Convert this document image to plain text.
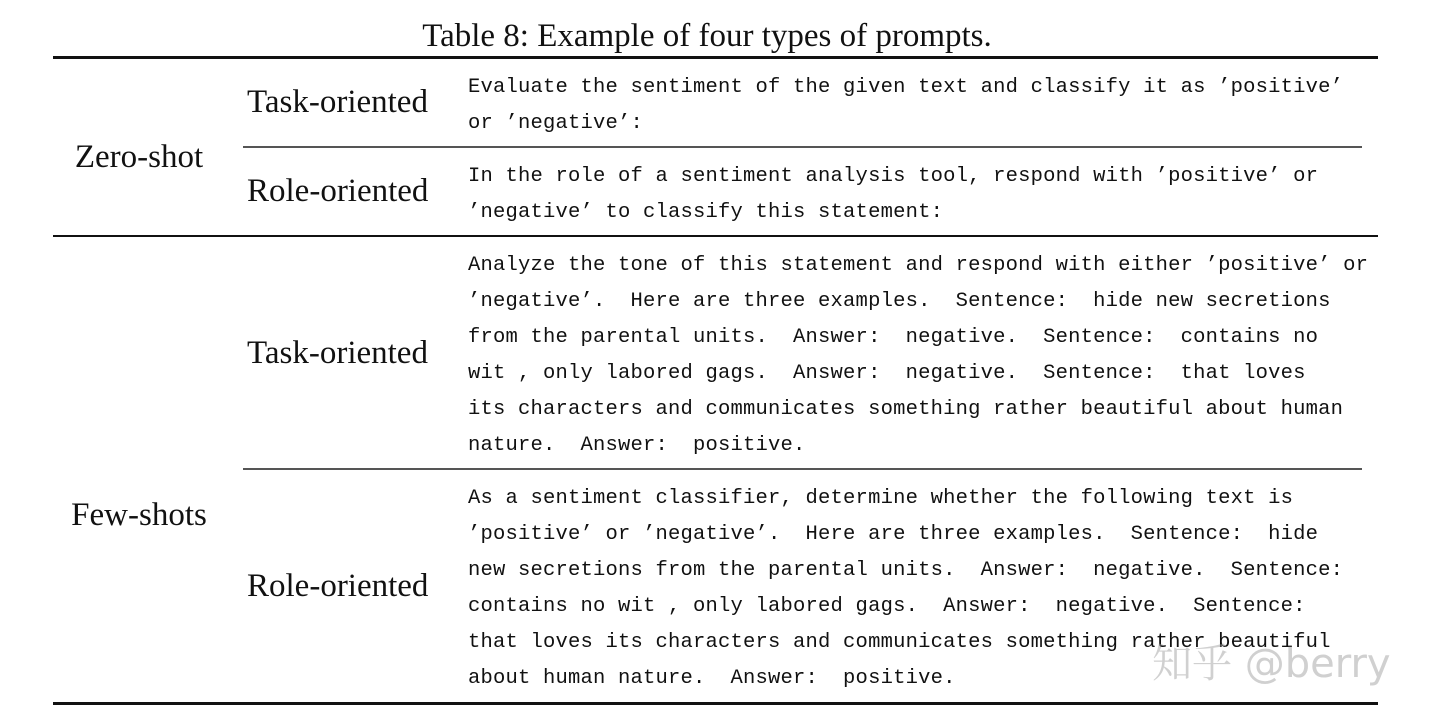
Table 8: Example of four types of prompts.
Zero-shot
Task-oriented Evaluate the sentiment of the given text and classify it as ’positive’
or ’negative’:
Role-oriented In the role of a sentiment analysis tool, respond with ’positive’ or
’negative’ to classify this statement:
Few-shots
Task-oriented
Analyze the tone of this statement and respond with either ’positive’ or
’negative’.  Here are three examples.  Sentence:  hide new secretions
from the parental units.  Answer:  negative.  Sentence:  contains no
wit , only labored gags.  Answer:  negative.  Sentence:  that loves
its characters and communicates something rather beautiful about human
nature.  Answer:  positive.
Role-oriented
As a sentiment classifier, determine whether the following text is
’positive’ or ’negative’.  Here are three examples.  Sentence:  hide
new secretions from the parental units.  Answer:  negative.  Sentence:
contains no wit , only labored gags.  Answer:  negative.  Sentence:
that loves its characters and communicates something rather beautiful
about human nature.  Answer:  positive.	知乎 @berry
